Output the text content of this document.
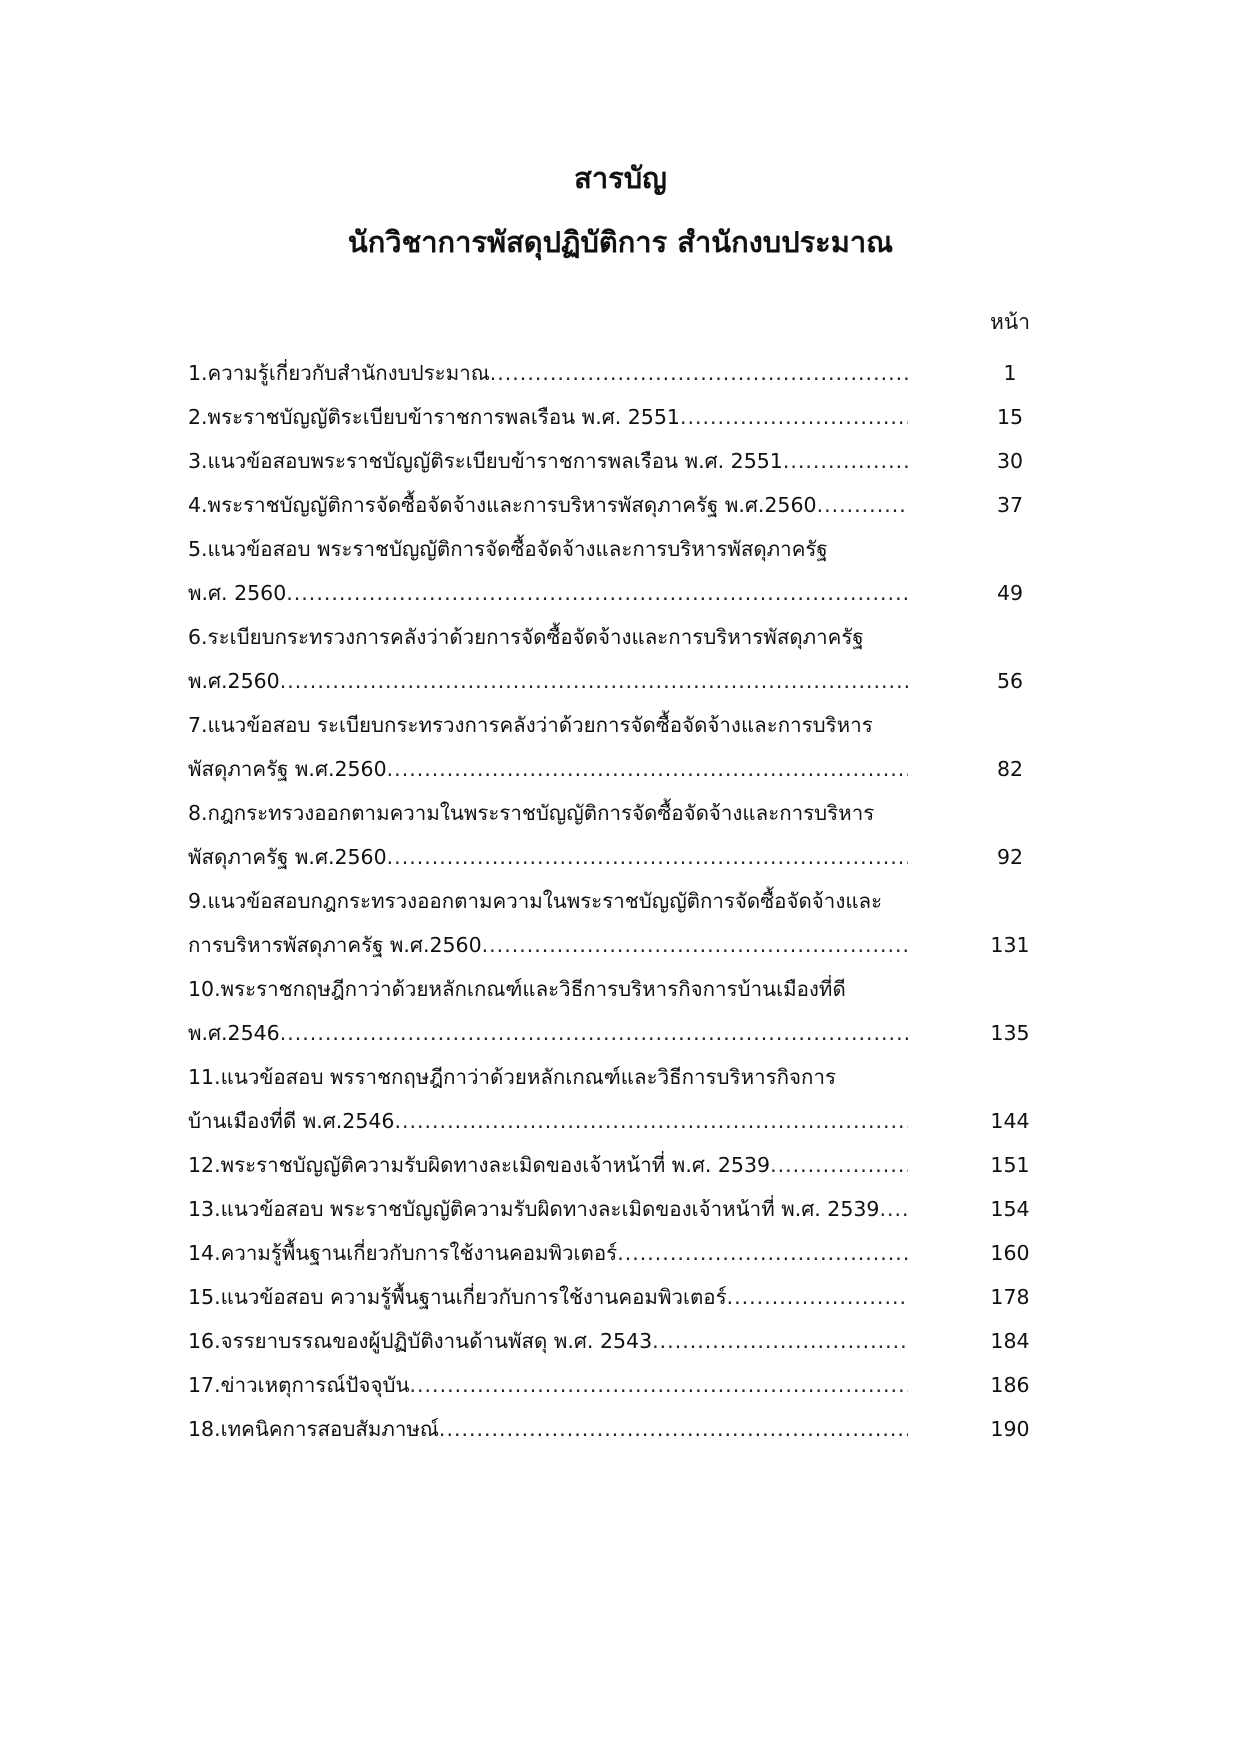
สารบัญ
นักวิชาการพัสดุปฏิบัติการ สำนักงบประมาณ
หน้า
1.ความรู้เกี่ยวกับสำนักงบประมาณ .....	1
2.พระราชบัญญัติระเบียบข้าราชการพลเรือน พ.ศ. 2551 .....	15
3.แนวข้อสอบพระราชบัญญัติระเบียบข้าราชการพลเรือน พ.ศ. 2551 .....	30
4.พระราชบัญญัติการจัดซื้อจัดจ้างและการบริหารพัสดุภาครัฐ พ.ศ.2560 .....	37
5.แนวข้อสอบ พระราชบัญญัติการจัดซื้อจัดจ้างและการบริหารพัสดุภาครัฐ
พ.ศ. 2560 .....	49
6.ระเบียบกระทรวงการคลังว่าด้วยการจัดซื้อจัดจ้างและการบริหารพัสดุภาครัฐ
พ.ศ.2560 .....	56
7.แนวข้อสอบ ระเบียบกระทรวงการคลังว่าด้วยการจัดซื้อจัดจ้างและการบริหาร
พัสดุภาครัฐ พ.ศ.2560 .....	82
8.กฎกระทรวงออกตามความในพระราชบัญญัติการจัดซื้อจัดจ้างและการบริหาร
พัสดุภาครัฐ พ.ศ.2560 .....	92
9.แนวข้อสอบกฎกระทรวงออกตามความในพระราชบัญญัติการจัดซื้อจัดจ้างและ
การบริหารพัสดุภาครัฐ พ.ศ.2560 .....	131
10.พระราชกฤษฎีกาว่าด้วยหลักเกณฑ์และวิธีการบริหารกิจการบ้านเมืองที่ดี
พ.ศ.2546 .....	135
11.แนวข้อสอบ พรราชกฤษฎีกาว่าด้วยหลักเกณฑ์และวิธีการบริหารกิจการ
บ้านเมืองที่ดี พ.ศ.2546 .....	144
12.พระราชบัญญัติความรับผิดทางละเมิดของเจ้าหน้าที่ พ.ศ. 2539 .....	151
13.แนวข้อสอบ พระราชบัญญัติความรับผิดทางละเมิดของเจ้าหน้าที่ พ.ศ. 2539 .....	154
14.ความรู้พื้นฐานเกี่ยวกับการใช้งานคอมพิวเตอร์ .....	160
15.แนวข้อสอบ ความรู้พื้นฐานเกี่ยวกับการใช้งานคอมพิวเตอร์ .....	178
16.จรรยาบรรณของผู้ปฏิบัติงานด้านพัสดุ พ.ศ. 2543 .....	184
17.ข่าวเหตุการณ์ปัจจุบัน .....	186
18.เทคนิคการสอบสัมภาษณ์ .....	190
